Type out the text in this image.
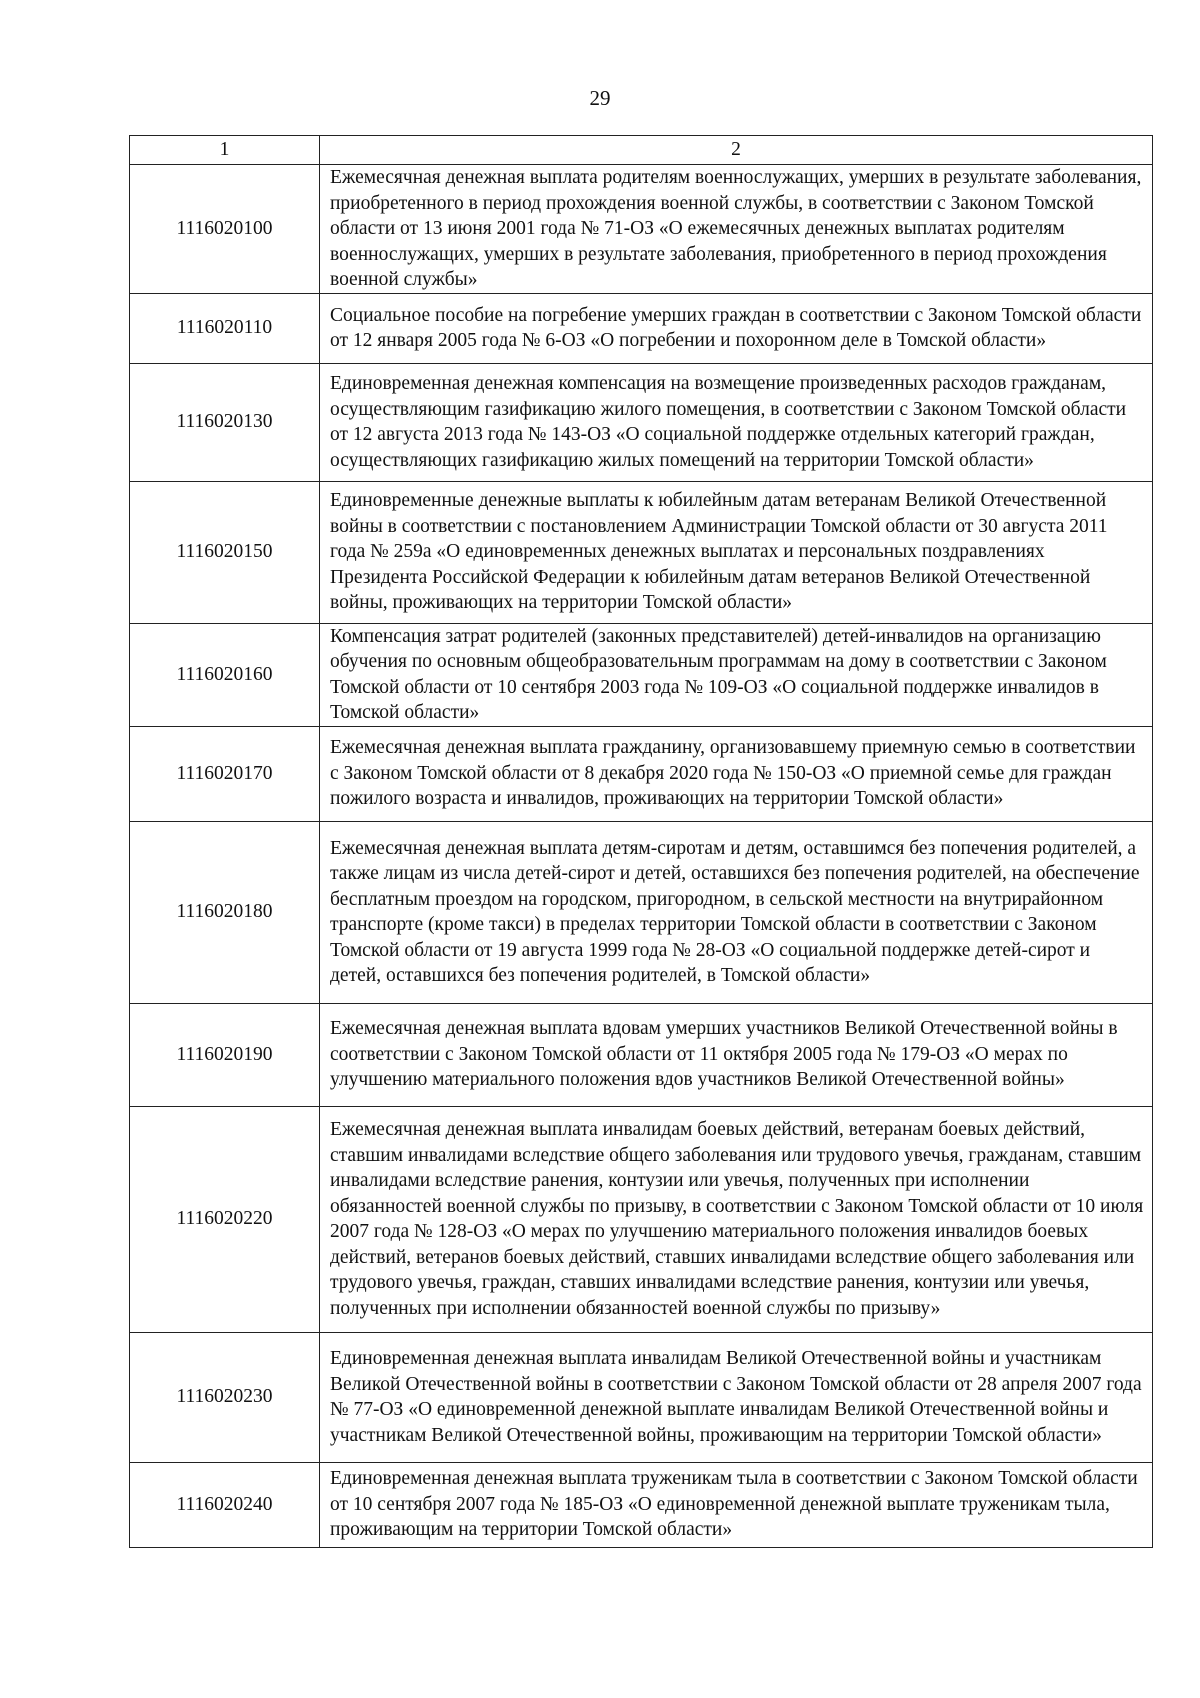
29
1	2
1116020100	Ежемесячная денежная выплата родителям военнослужащих, умерших в результате заболевания, приобретенного в период прохождения военной службы, в соответствии с Законом Томской области от 13 июня 2001 года № 71-ОЗ «О ежемесячных денежных выплатах родителям военнослужащих, умерших в результате заболевания, приобретенного в период прохождения военной службы»
1116020110	Социальное пособие на погребение умерших граждан в соответствии с Законом Томской области от 12 января 2005 года № 6-ОЗ «О погребении и похоронном деле в Томской области»
1116020130	Единовременная денежная компенсация на возмещение произведенных расходов гражданам, осуществляющим газификацию жилого помещения, в соответствии с Законом Томской области от 12 августа 2013 года № 143-ОЗ «О социальной поддержке отдельных категорий граждан, осуществляющих газификацию жилых помещений на территории Томской области»
1116020150	Единовременные денежные выплаты к юбилейным датам ветеранам Великой Отечественной войны в соответствии с постановлением Администрации Томской области от 30 августа 2011 года № 259а «О единовременных денежных выплатах и персональных поздравлениях Президента Российской Федерации к юбилейным датам ветеранов Великой Отечественной войны, проживающих на территории Томской области»
1116020160	Компенсация затрат родителей (законных представителей) детей-инвалидов на организацию обучения по основным общеобразовательным программам на дому в соответствии с Законом Томской области от 10 сентября 2003 года № 109-ОЗ «О социальной поддержке инвалидов в Томской области»
1116020170	Ежемесячная денежная выплата гражданину, организовавшему приемную семью в соответствии с Законом Томской области от 8 декабря 2020 года № 150-ОЗ «О приемной семье для граждан пожилого возраста и инвалидов, проживающих на территории Томской области»
1116020180	Ежемесячная денежная выплата детям-сиротам и детям, оставшимся без попечения родителей, а также лицам из числа детей-сирот и детей, оставшихся без попечения родителей, на обеспечение бесплатным проездом на городском, пригородном, в сельской местности на внутрирайонном транспорте (кроме такси) в пределах территории Томской области в соответствии с Законом Томской области от 19 августа 1999 года № 28-ОЗ «О социальной поддержке детей-сирот и детей, оставшихся без попечения родителей, в Томской области»
1116020190	Ежемесячная денежная выплата вдовам умерших участников Великой Отечественной войны в соответствии с Законом Томской области от 11 октября 2005 года № 179-ОЗ «О мерах по улучшению материального положения вдов участников Великой Отечественной войны»
1116020220	Ежемесячная денежная выплата инвалидам боевых действий, ветеранам боевых действий, ставшим инвалидами вследствие общего заболевания или трудового увечья, гражданам, ставшим инвалидами вследствие ранения, контузии или увечья, полученных при исполнении обязанностей военной службы по призыву, в соответствии с Законом Томской области от 10 июля 2007 года № 128-ОЗ «О мерах по улучшению материального положения инвалидов боевых действий, ветеранов боевых действий, ставших инвалидами вследствие общего заболевания или трудового увечья, граждан, ставших инвалидами вследствие ранения, контузии или увечья, полученных при исполнении обязанностей военной службы по призыву»
1116020230	Единовременная денежная выплата инвалидам Великой Отечественной войны и участникам Великой Отечественной войны в соответствии с Законом Томской области от 28 апреля 2007 года № 77-ОЗ «О единовременной денежной выплате инвалидам Великой Отечественной войны и участникам Великой Отечественной войны, проживающим на территории Томской области»
1116020240	Единовременная денежная выплата труженикам тыла в соответствии с Законом Томской области от 10 сентября 2007 года № 185-ОЗ «О единовременной денежной выплате труженикам тыла, проживающим на территории Томской области»
